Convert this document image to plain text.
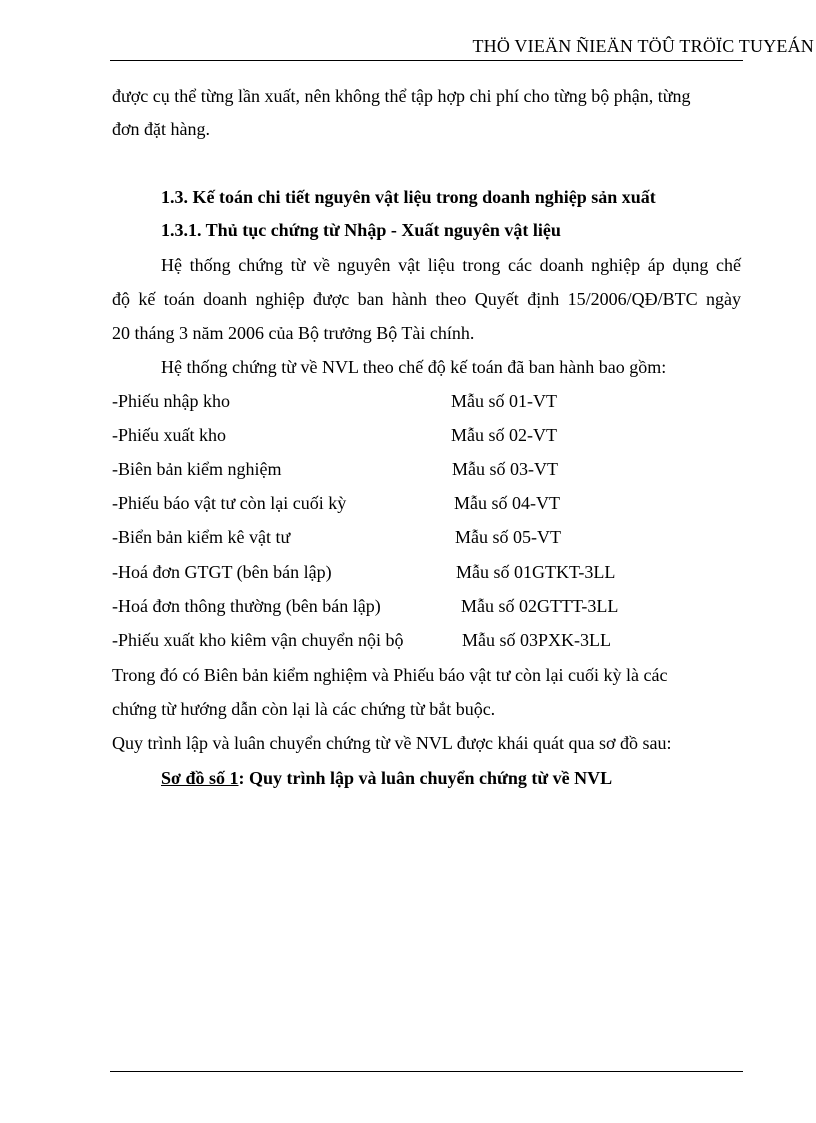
THÖ VIEÄN ÑIEÄN TÖÛ TRÖÏC TUYEÁN
được cụ thể từng lần xuất, nên không thể tập hợp chi phí cho từng bộ phận, từng
đơn đặt hàng.
1.3. Kế toán chi tiết nguyên vật liệu trong doanh nghiệp sản xuất
1.3.1. Thủ tục chứng từ Nhập - Xuất nguyên vật liệu
Hệ thống chứng từ về nguyên vật liệu trong các doanh nghiệp áp dụng chế
độ kế toán doanh nghiệp được ban hành theo Quyết định 15/2006/QĐ/BTC ngày
20 tháng 3 năm 2006 của Bộ trưởng Bộ Tài chính.
Hệ thống chứng từ về NVL theo chế độ kế toán đã ban hành bao gồm:
-Phiếu nhập kho	Mẫu số 01-VT
-Phiếu xuất kho	Mẫu số 02-VT
-Biên bản kiểm nghiệm	Mẫu số 03-VT
-Phiếu báo vật tư còn lại cuối kỳ	Mẫu số 04-VT
-Biển bản kiểm kê vật tư	Mẫu số 05-VT
-Hoá đơn GTGT (bên bán lập)	Mẫu số 01GTKT-3LL
-Hoá đơn thông thường (bên bán lập)	Mẫu số 02GTTT-3LL
-Phiếu xuất kho kiêm vận chuyển nội bộ	Mẫu số 03PXK-3LL
Trong đó có Biên bản kiểm nghiệm và Phiếu báo vật tư còn lại cuối kỳ là các
chứng từ hướng dẫn còn lại là các chứng từ bắt buộc.
Quy trình lập và luân chuyển chứng từ về NVL được khái quát qua sơ đồ sau:
Sơ đồ số 1: Quy trình lập và luân chuyển chứng từ về NVL
